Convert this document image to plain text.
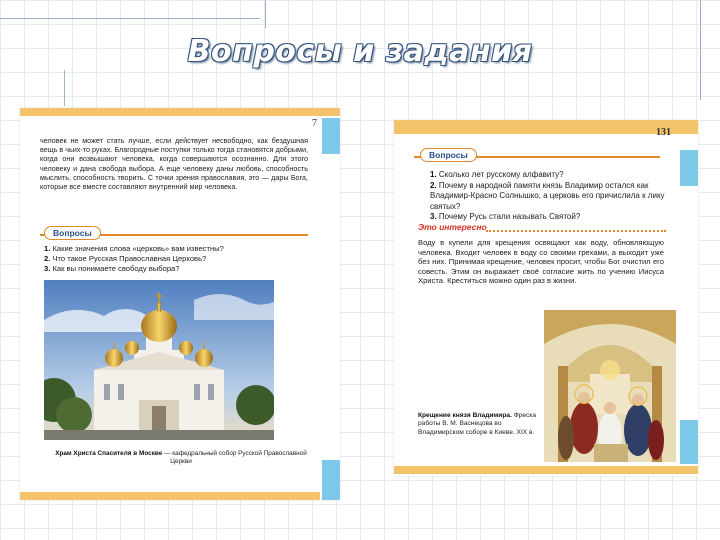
Вопросы и задания
7
человек не может стать лучше, если действует несвободно, как бездушная вещь в чьих-то руках. Благородные поступки только тогда становятся добрыми, когда они возвышают человека, когда совершаются осознанно. Для этого человеку и дана свобода выбора. А еще человеку даны любовь, способность мыслить, способность творить. С точки зрения православия, это — дары Бога, которые все вместе составляют внутренний мир человека.
Вопросы
1. Какие значения слова «церковь» вам известны?
2. Что такое Русская Православная Церковь?
3. Как вы понимаете свободу выбора?
Храм Христа Спасителя в Москве — кафедральный собор Русской Православной Церкви
131
Вопросы
1. Сколько лет русскому алфавиту?
2. Почему в народной памяти князь Владимир остался как Владимир-Красно Солнышко, а церковь его причислила к лику святых?
3. Почему Русь стали называть Святой?
Это интересно
Воду в купели для крещения освящают как воду, обновляющую человека. Входит человек в воду со своими грехами, а выходит уже без них. Принимая крещение, человек просит, чтобы Бог очистил его совесть. Этим он выражает своё согласие жить по учению Иисуса Христа. Креститься можно один раз в жизни.
Крещение князя Владимира. Фреска работы В. М. Васнецова во Владимирском соборе в Киеве. XIX в.
